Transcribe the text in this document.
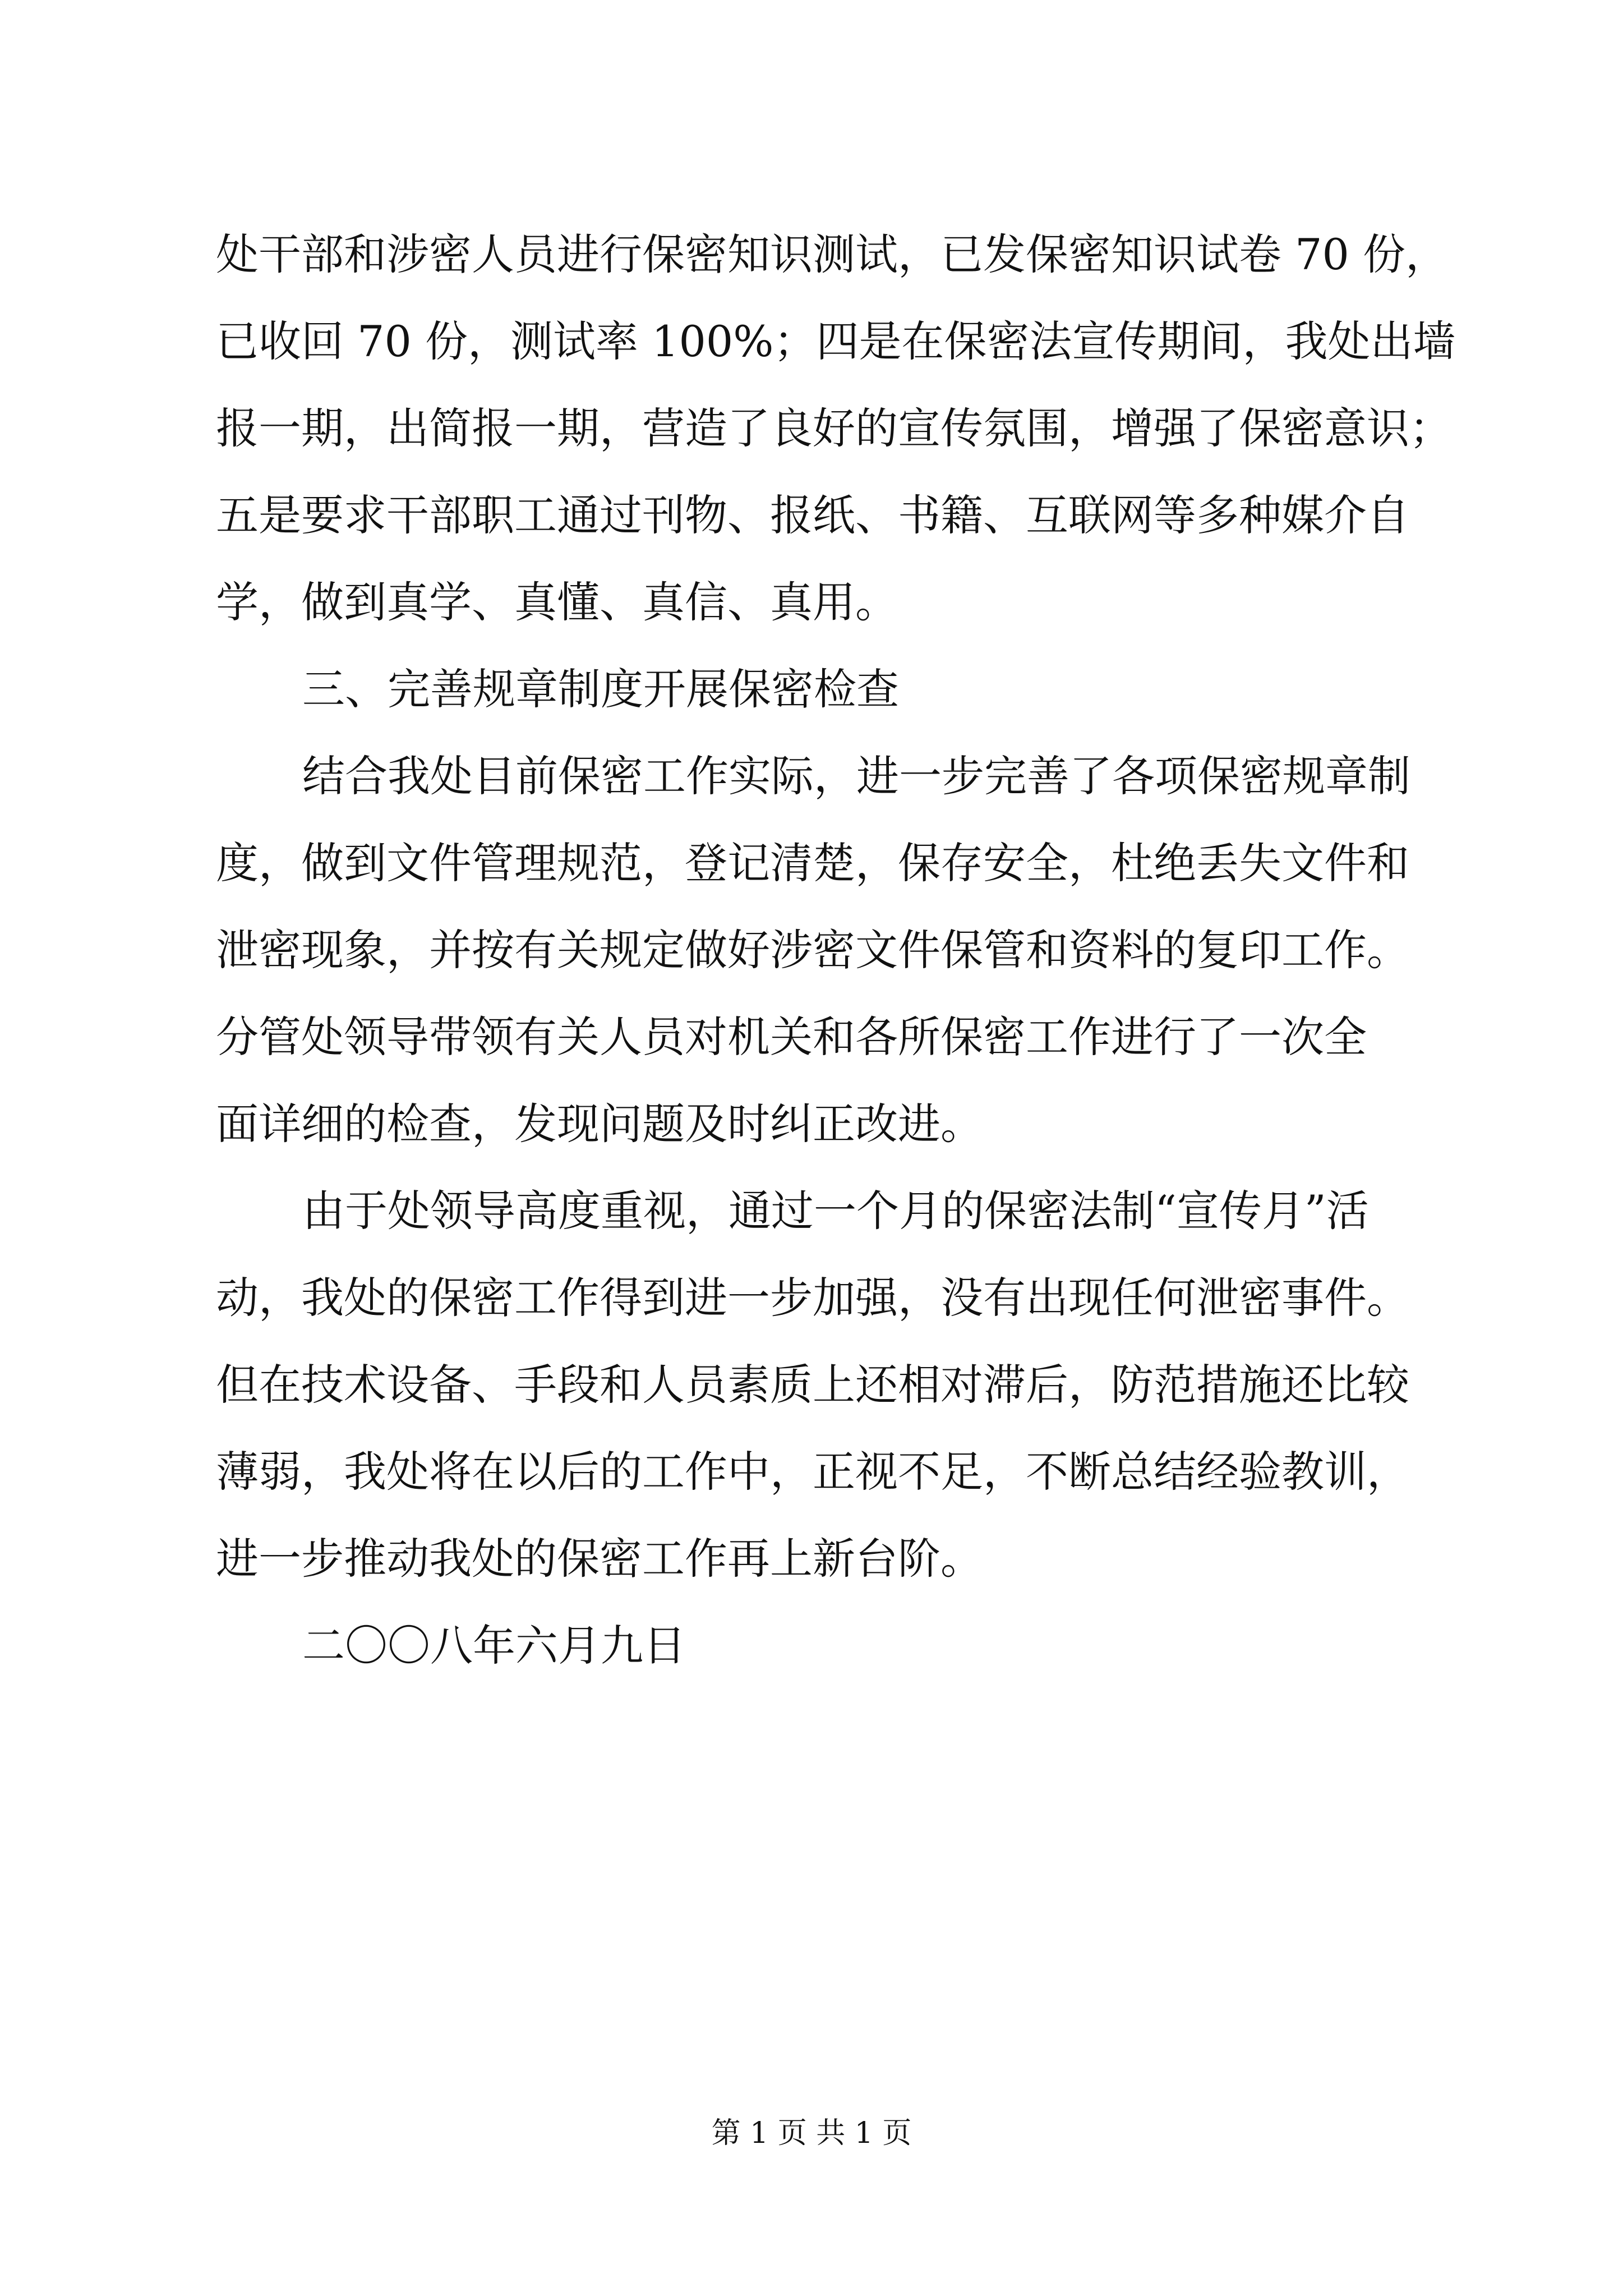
处干部和涉密人员进行保密知识测试，已发保密知识试卷 70 份，
已收回 70 份，测试率 100%；四是在保密法宣传期间，我处出墙
报一期，出简报一期，营造了良好的宣传氛围，增强了保密意识；
五是要求干部职工通过刊物、报纸、书籍、互联网等多种媒介自
学，做到真学、真懂、真信、真用。
三、完善规章制度开展保密检查
结合我处目前保密工作实际，进一步完善了各项保密规章制
度，做到文件管理规范，登记清楚，保存安全，杜绝丢失文件和
泄密现象，并按有关规定做好涉密文件保管和资料的复印工作。
分管处领导带领有关人员对机关和各所保密工作进行了一次全
面详细的检查，发现问题及时纠正改进。
由于处领导高度重视，通过一个月的保密法制“宣传月”活
动，我处的保密工作得到进一步加强，没有出现任何泄密事件。
但在技术设备、手段和人员素质上还相对滞后，防范措施还比较
薄弱，我处将在以后的工作中，正视不足，不断总结经验教训，
进一步推动我处的保密工作再上新台阶。
二〇〇八年六月九日
第 1 页 共 1 页
